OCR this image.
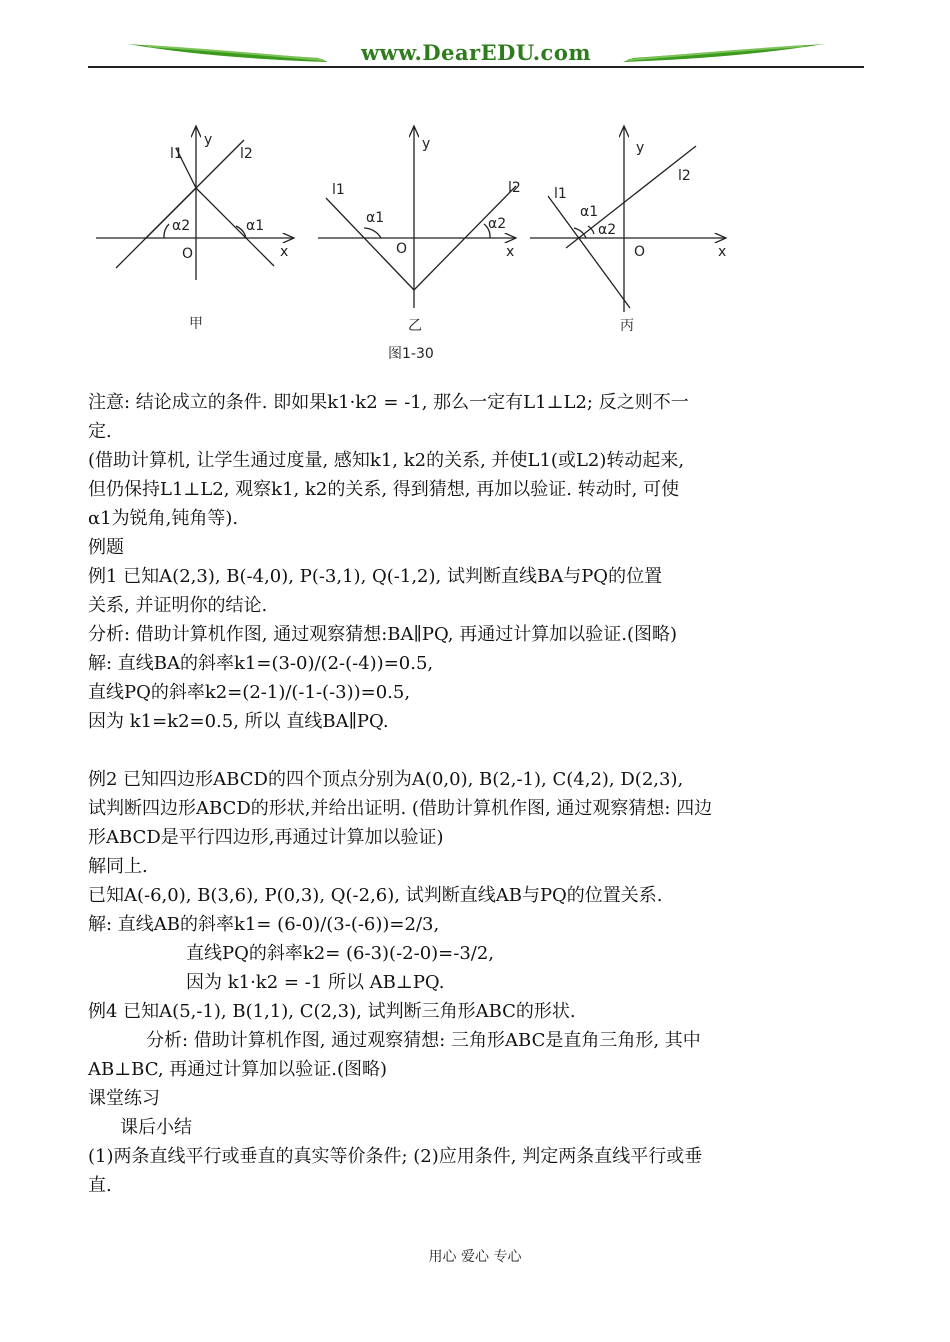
www.DearEDU.com
y
l1	l2
α2	α1
O	x
甲
y
l1	l2
α1	α2
O	x
乙
y
l1
l2
α1
α2
O	x
丙
图1-30

注意: 结论成立的条件. 即如果k1·k2 = -1, 那么一定有L1⊥L2; 反之则不一

定.

(借助计算机, 让学生通过度量, 感知k1, k2的关系, 并使L1(或L2)转动起来,

但仍保持L1⊥L2, 观察k1, k2的关系, 得到猜想, 再加以验证. 转动时, 可使

α1为锐角,钝角等).

例题

例1 已知A(2,3), B(-4,0), P(-3,1), Q(-1,2), 试判断直线BA与PQ的位置

关系, 并证明你的结论.

分析: 借助计算机作图, 通过观察猜想:BA∥PQ, 再通过计算加以验证.(图略)

解: 直线BA的斜率k1=(3-0)/(2-(-4))=0.5,

直线PQ的斜率k2=(2-1)/(-1-(-3))=0.5,

因为 k1=k2=0.5, 所以 直线BA∥PQ.

例2 已知四边形ABCD的四个顶点分别为A(0,0), B(2,-1), C(4,2), D(2,3),

试判断四边形ABCD的形状,并给出证明. (借助计算机作图, 通过观察猜想: 四边

形ABCD是平行四边形,再通过计算加以验证)

解同上.

已知A(-6,0), B(3,6), P(0,3), Q(-2,6), 试判断直线AB与PQ的位置关系.

解: 直线AB的斜率k1= (6-0)/(3-(-6))=2/3,

直线PQ的斜率k2= (6-3)(-2-0)=-3/2,

因为 k1·k2 = -1 所以 AB⊥PQ.

例4 已知A(5,-1), B(1,1), C(2,3), 试判断三角形ABC的形状.

分析: 借助计算机作图, 通过观察猜想: 三角形ABC是直角三角形, 其中

AB⊥BC, 再通过计算加以验证.(图略)

课堂练习

课后小结

(1)两条直线平行或垂直的真实等价条件; (2)应用条件, 判定两条直线平行或垂

直.

用心 爱心 专心
